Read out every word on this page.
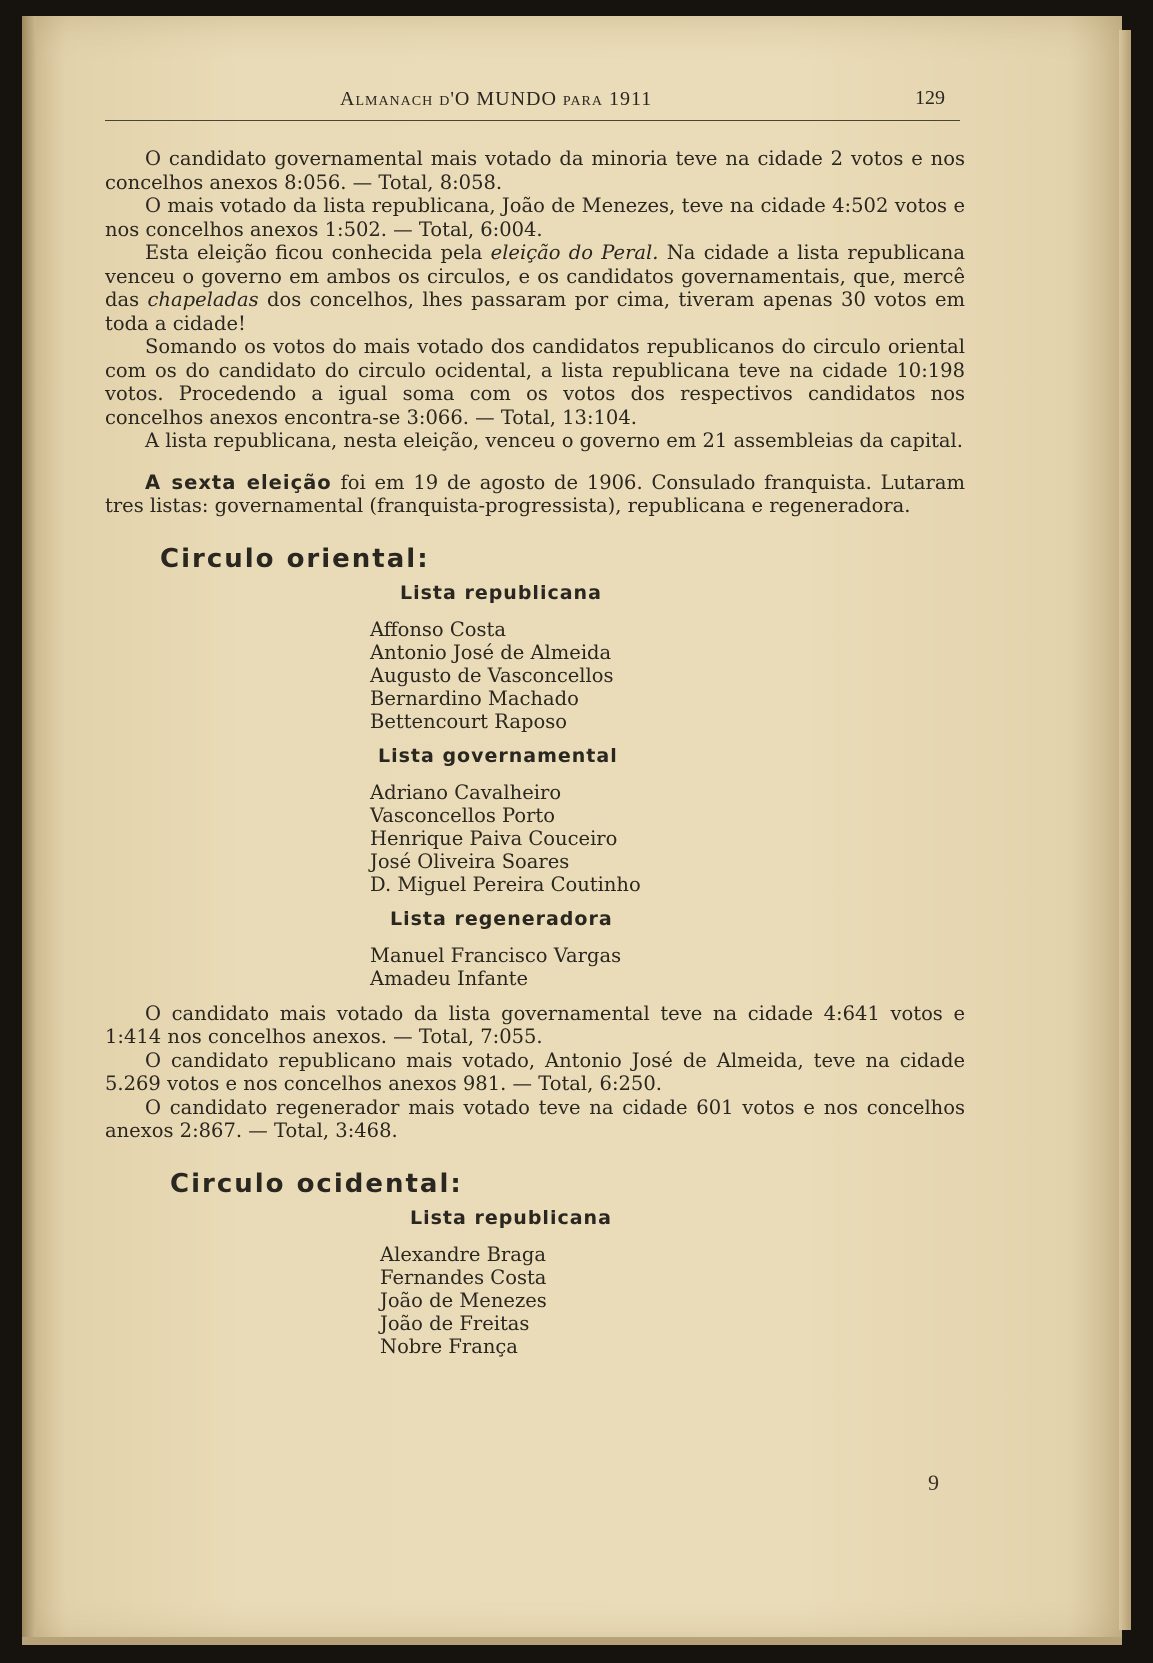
Almanach d'O MUNDO para 1911	129

O candidato governamental mais votado da minoria teve na cidade 2 votos e nos concelhos anexos 8:056. — Total, 8:058.

O mais votado da lista republicana, João de Menezes, teve na cidade 4:502 votos e nos concelhos anexos 1:502. — Total, 6:004.

Esta eleição ficou conhecida pela eleição do Peral. Na cidade a lista republicana venceu o governo em ambos os circulos, e os candidatos governamentais, que, mercê das chapeladas dos concelhos, lhes passaram por cima, tiveram apenas 30 votos em toda a cidade!

Somando os votos do mais votado dos candidatos republicanos do circulo oriental com os do candidato do circulo ocidental, a lista republicana teve na cidade 10:198 votos. Procedendo a igual soma com os votos dos respectivos candidatos nos concelhos anexos encontra-se 3:066. — Total, 13:104.

A lista republicana, nesta eleição, venceu o governo em 21 assembleias da capital.

A sexta eleição foi em 19 de agosto de 1906. Consulado franquista. Lutaram tres listas: governamental (franquista-progressista), republicana e regeneradora.

Circulo oriental:
Lista republicana
Affonso Costa
Antonio José de Almeida
Augusto de Vasconcellos
Bernardino Machado
Bettencourt Raposo
Lista governamental
Adriano Cavalheiro
Vasconcellos Porto
Henrique Paiva Couceiro
José Oliveira Soares
D. Miguel Pereira Coutinho
Lista regeneradora
Manuel Francisco Vargas
Amadeu Infante

O candidato mais votado da lista governamental teve na cidade 4:641 votos e 1:414 nos concelhos anexos. — Total, 7:055.

O candidato republicano mais votado, Antonio José de Almeida, teve na cidade 5.269 votos e nos concelhos anexos 981. — Total, 6:250.

O candidato regenerador mais votado teve na cidade 601 votos e nos concelhos anexos 2:867. — Total, 3:468.

Circulo ocidental:
Lista republicana
Alexandre Braga
Fernandes Costa
João de Menezes
João de Freitas
Nobre França
9
